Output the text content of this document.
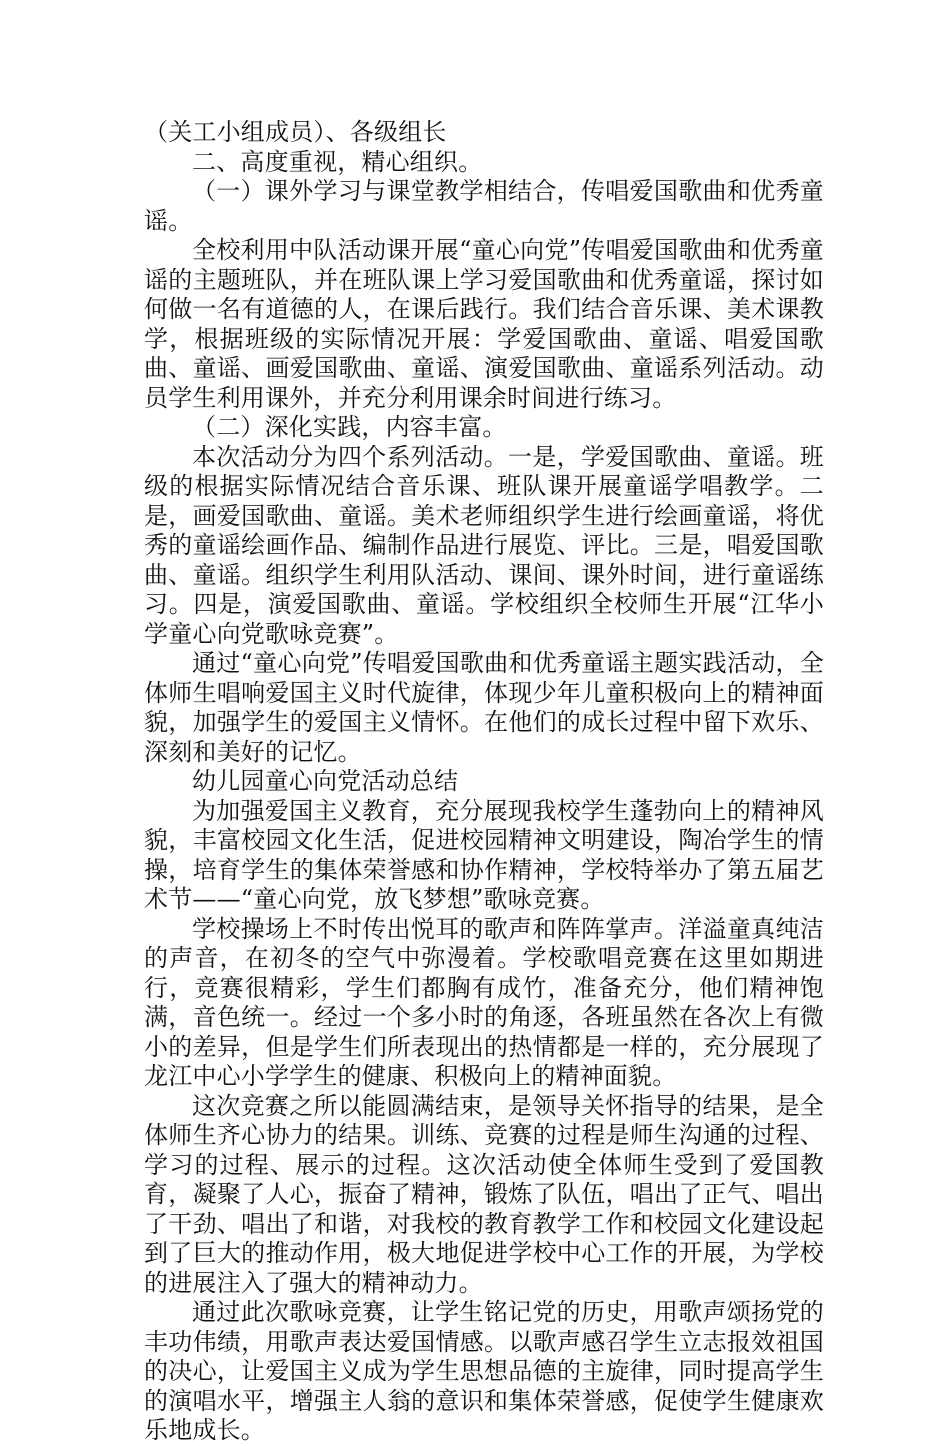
（关工小组成员）、各级组长

二、高度重视，精心组织。

（一）课外学习与课堂教学相结合，传唱爱国歌曲和优秀童谣。

全校利用中队活动课开展“童心向党”传唱爱国歌曲和优秀童谣的主题班队，并在班队课上学习爱国歌曲和优秀童谣，探讨如何做一名有道德的人，在课后践行。我们结合音乐课、美术课教学，根据班级的实际情况开展：学爱国歌曲、童谣、唱爱国歌曲、童谣、画爱国歌曲、童谣、演爱国歌曲、童谣系列活动。动员学生利用课外，并充分利用课余时间进行练习。

（二）深化实践，内容丰富。

本次活动分为四个系列活动。一是，学爱国歌曲、童谣。班级的根据实际情况结合音乐课、班队课开展童谣学唱教学。二是，画爱国歌曲、童谣。美术老师组织学生进行绘画童谣，将优秀的童谣绘画作品、编制作品进行展览、评比。三是，唱爱国歌曲、童谣。组织学生利用队活动、课间、课外时间，进行童谣练习。四是，演爱国歌曲、童谣。学校组织全校师生开展“江华小学童心向党歌咏竞赛”。

通过“童心向党”传唱爱国歌曲和优秀童谣主题实践活动，全体师生唱响爱国主义时代旋律，体现少年儿童积极向上的精神面貌，加强学生的爱国主义情怀。在他们的成长过程中留下欢乐、深刻和美好的记忆。

幼儿园童心向党活动总结

为加强爱国主义教育，充分展现我校学生蓬勃向上的精神风貌，丰富校园文化生活，促进校园精神文明建设，陶冶学生的情操，培育学生的集体荣誉感和协作精神，学校特举办了第五届艺术节——“童心向党，放飞梦想”歌咏竞赛。

学校操场上不时传出悦耳的歌声和阵阵掌声。洋溢童真纯洁的声音，在初冬的空气中弥漫着。学校歌唱竞赛在这里如期进行，竞赛很精彩，学生们都胸有成竹，准备充分，他们精神饱满，音色统一。经过一个多小时的角逐，各班虽然在各次上有微小的差异，但是学生们所表现出的热情都是一样的，充分展现了龙江中心小学学生的健康、积极向上的精神面貌。

这次竞赛之所以能圆满结束，是领导关怀指导的结果，是全体师生齐心协力的结果。训练、竞赛的过程是师生沟通的过程、学习的过程、展示的过程。这次活动使全体师生受到了爱国教育，凝聚了人心，振奋了精神，锻炼了队伍，唱出了正气、唱出了干劲、唱出了和谐，对我校的教育教学工作和校园文化建设起到了巨大的推动作用，极大地促进学校中心工作的开展，为学校的进展注入了强大的精神动力。

通过此次歌咏竞赛，让学生铭记党的历史，用歌声颂扬党的丰功伟绩，用歌声表达爱国情感。以歌声感召学生立志报效祖国的决心，让爱国主义成为学生思想品德的主旋律，同时提高学生的演唱水平，增强主人翁的意识和集体荣誉感，促使学生健康欢乐地成长。
